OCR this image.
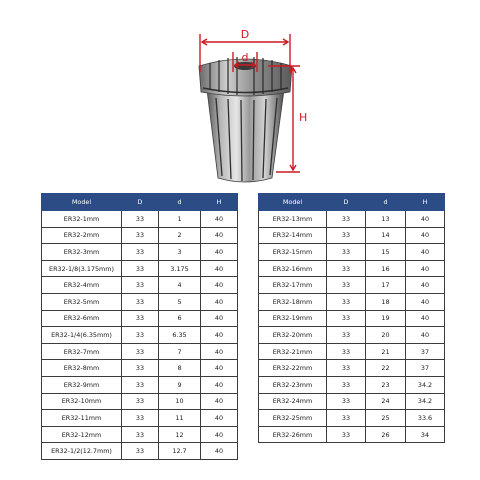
D
d
H
Model	D	d	H
ER32-1mm	33	1	40
ER32-2mm	33	2	40
ER32-3mm	33	3	40
ER32-1/8(3.175mm)	33	3.175	40
ER32-4mm	33	4	40
ER32-5mm	33	5	40
ER32-6mm	33	6	40
ER32-1/4(6.35mm)	33	6.35	40
ER32-7mm	33	7	40
ER32-8mm	33	8	40
ER32-9mm	33	9	40
ER32-10mm	33	10	40
ER32-11mm	33	11	40
ER32-12mm	33	12	40
ER32-1/2(12.7mm)	33	12.7	40
Model	D	d	H
ER32-13mm	33	13	40
ER32-14mm	33	14	40
ER32-15mm	33	15	40
ER32-16mm	33	16	40
ER32-17mm	33	17	40
ER32-18mm	33	18	40
ER32-19mm	33	19	40
ER32-20mm	33	20	40
ER32-21mm	33	21	37
ER32-22mm	33	22	37
ER32-23mm	33	23	34.2
ER32-24mm	33	24	34.2
ER32-25mm	33	25	33.6
ER32-26mm	33	26	34
